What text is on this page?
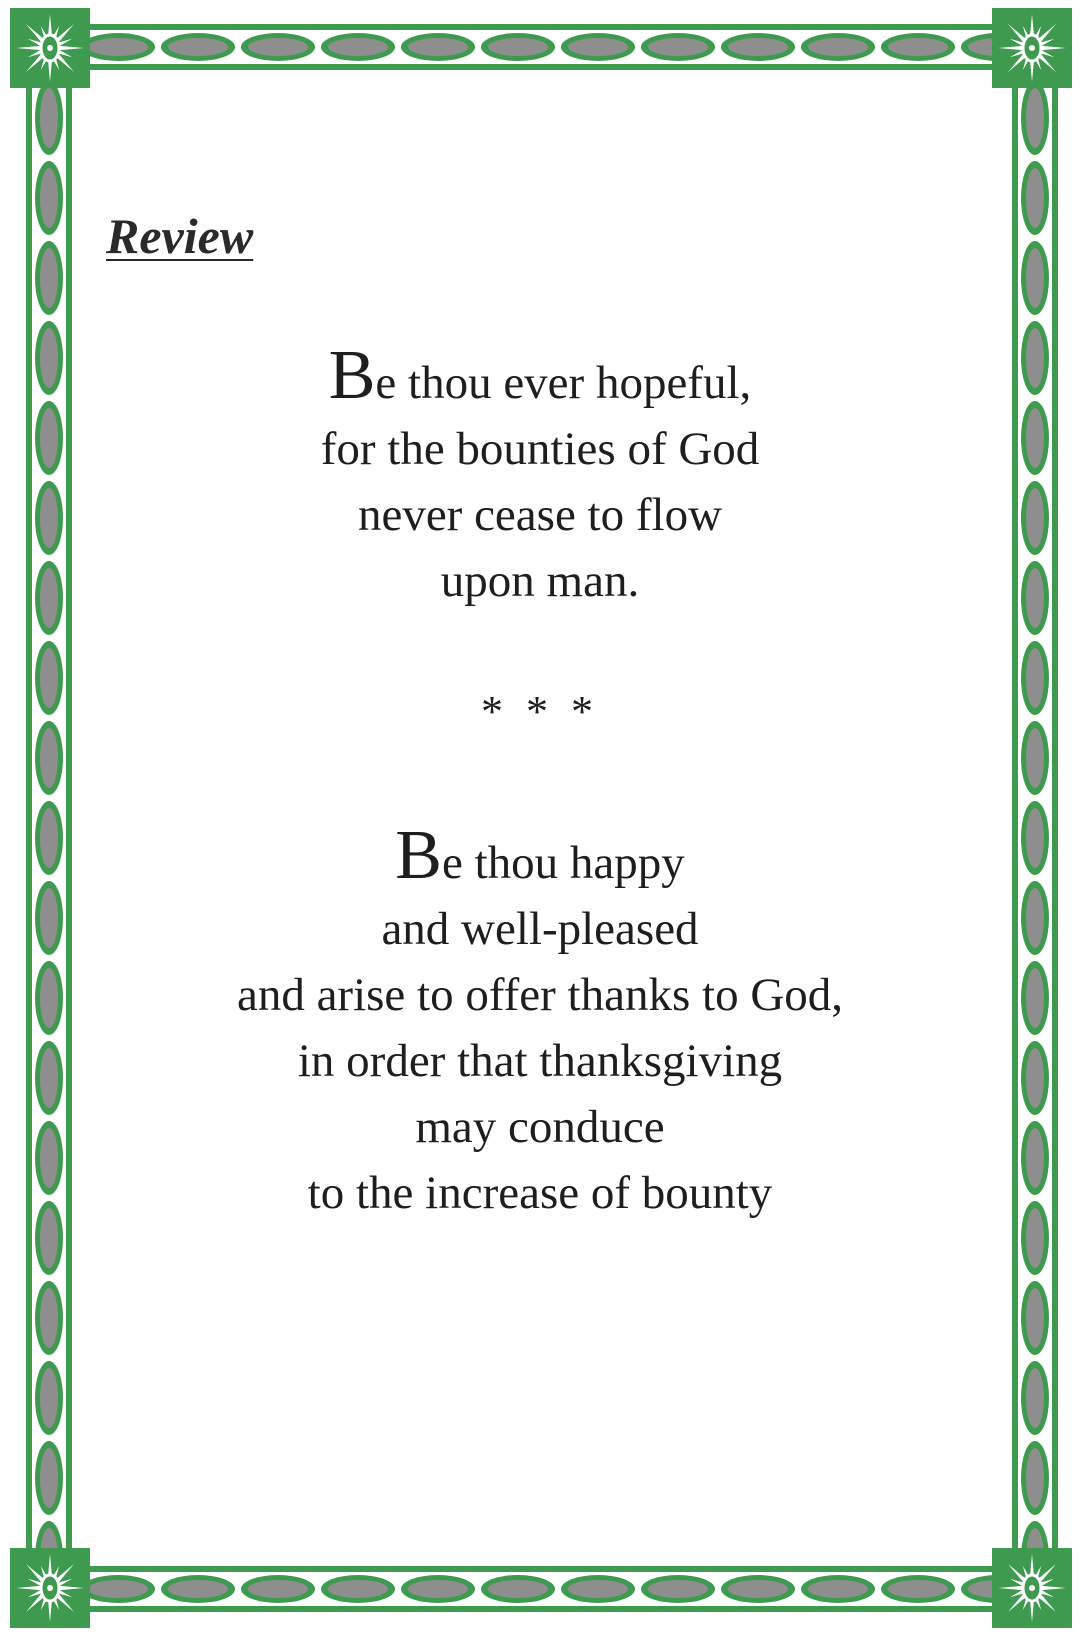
Review
Be thou ever hopeful,
for the bounties of God
never cease to flow
upon man.
* * *
Be thou happy
and well-pleased
and arise to offer thanks to God,
in order that thanksgiving
may conduce
to the increase of bounty
